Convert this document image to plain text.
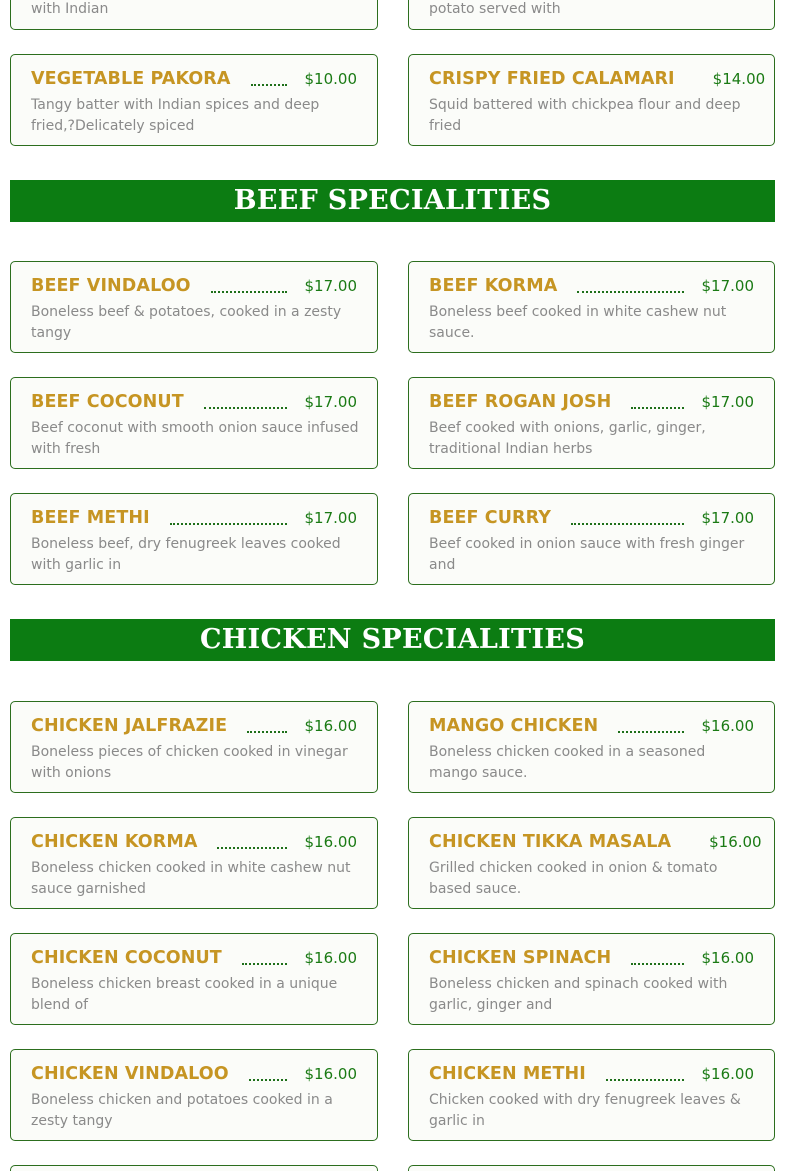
with Indian	potato served with
VEGETABLE PAKORA	$10.00
Tangy batter with Indian spices and deep fried,?Delicately spiced
CRISPY FRIED CALAMARI	$14.00
Squid battered with chickpea flour and deep fried
BEEF SPECIALITIES
BEEF VINDALOO	$17.00
Boneless beef & potatoes, cooked in a zesty tangy
BEEF KORMA	$17.00
Boneless beef cooked in white cashew nut sauce.
BEEF COCONUT	$17.00
Beef coconut with smooth onion sauce infused with fresh
BEEF ROGAN JOSH	$17.00
Beef cooked with onions, garlic, ginger, traditional Indian herbs
BEEF METHI	$17.00
Boneless beef, dry fenugreek leaves cooked with garlic in
BEEF CURRY	$17.00
Beef cooked in onion sauce with fresh ginger and
CHICKEN SPECIALITIES
CHICKEN JALFRAZIE	$16.00
Boneless pieces of chicken cooked in vinegar with onions
MANGO CHICKEN	$16.00
Boneless chicken cooked in a seasoned mango sauce.
CHICKEN KORMA	$16.00
Boneless chicken cooked in white cashew nut sauce garnished
CHICKEN TIKKA MASALA	$16.00
Grilled chicken cooked in onion & tomato based sauce.
CHICKEN COCONUT	$16.00
Boneless chicken breast cooked in a unique blend of
CHICKEN SPINACH	$16.00
Boneless chicken and spinach cooked with garlic, ginger and
CHICKEN VINDALOO	$16.00
Boneless chicken and potatoes cooked in a zesty tangy
CHICKEN METHI	$16.00
Chicken cooked with dry fenugreek leaves & garlic in
